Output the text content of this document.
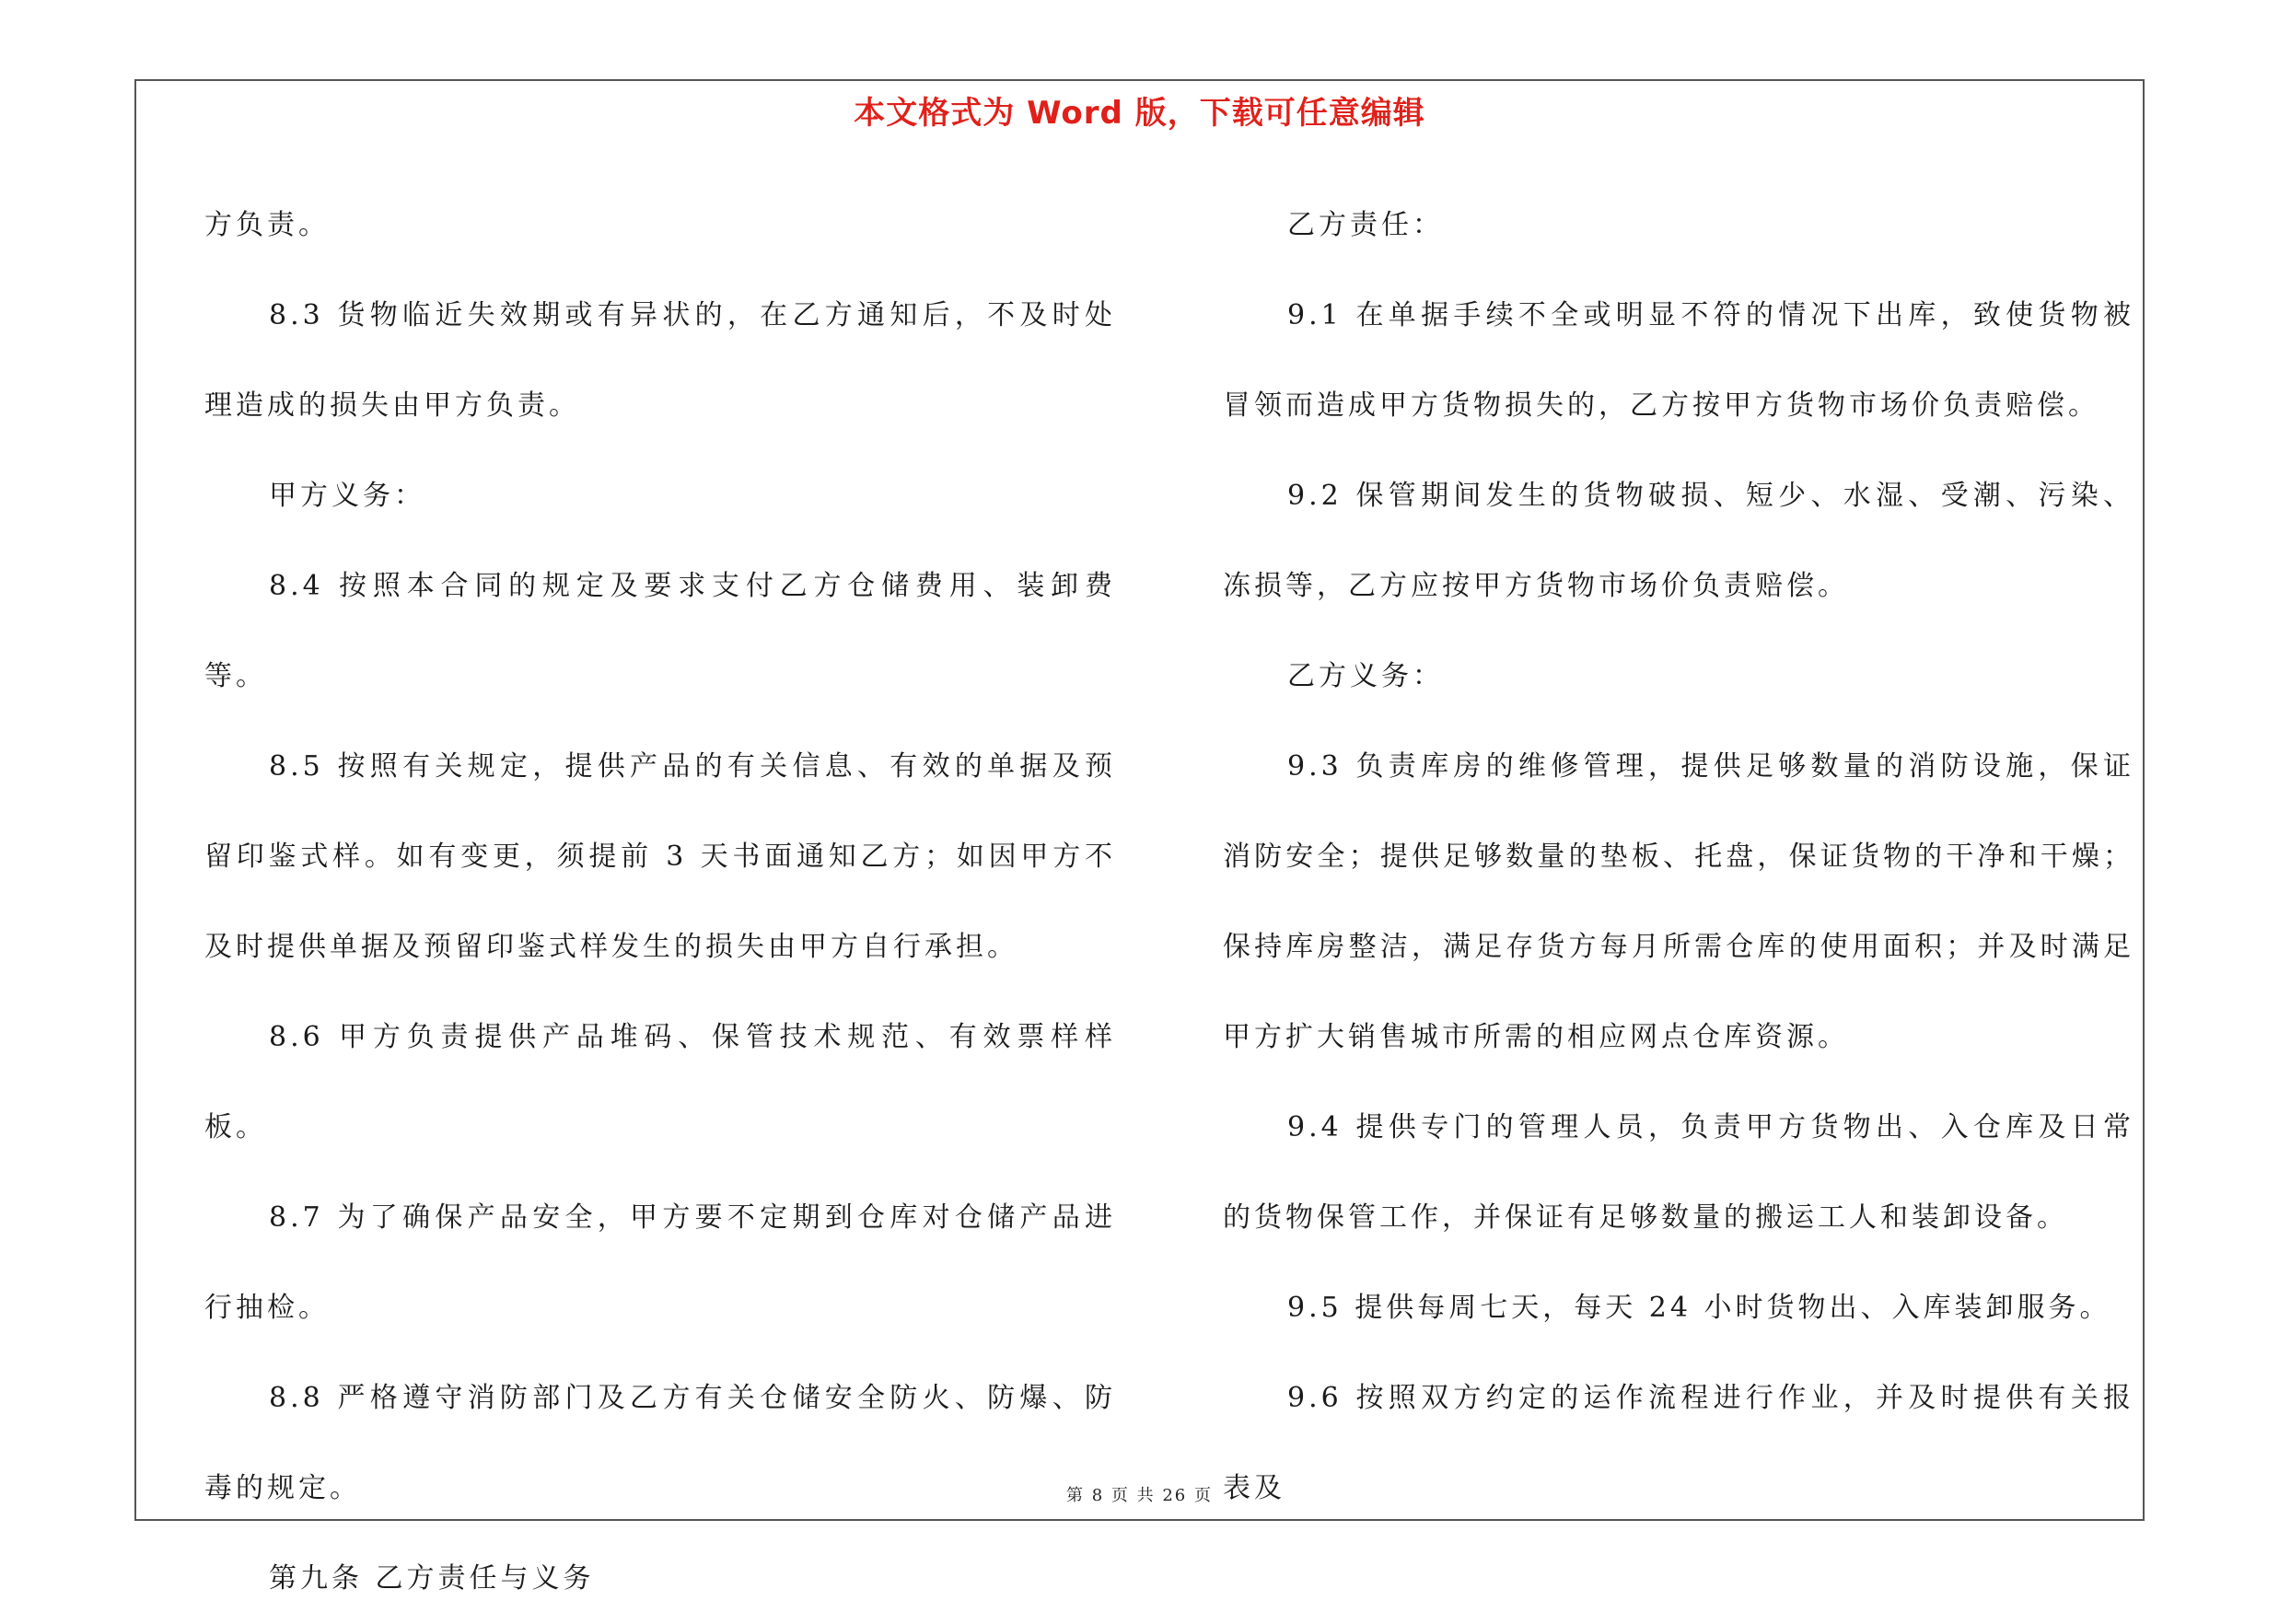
本文格式为 Word 版，下载可任意编辑

方负责。

8.3 货物临近失效期或有异状的，在乙方通知后，不及时处理造成的损失由甲方负责。

甲方义务：

8.4 按照本合同的规定及要求支付乙方仓储费用、装卸费等。

8.5 按照有关规定，提供产品的有关信息、有效的单据及预留印鉴式样。如有变更，须提前 3 天书面通知乙方；如因甲方不及时提供单据及预留印鉴式样发生的损失由甲方自行承担。

8.6 甲方负责提供产品堆码、保管技术规范、有效票样样板。

8.7 为了确保产品安全，甲方要不定期到仓库对仓储产品进行抽检。

8.8 严格遵守消防部门及乙方有关仓储安全防火、防爆、防毒的规定。

第九条 乙方责任与义务

乙方责任：

9.1 在单据手续不全或明显不符的情况下出库，致使货物被冒领而造成甲方货物损失的，乙方按甲方货物市场价负责赔偿。

9.2 保管期间发生的货物破损、短少、水湿、受潮、污染、冻损等，乙方应按甲方货物市场价负责赔偿。

乙方义务：

9.3 负责库房的维修管理，提供足够数量的消防设施，保证消防安全；提供足够数量的垫板、托盘，保证货物的干净和干燥；保持库房整洁，满足存货方每月所需仓库的使用面积；并及时满足甲方扩大销售城市所需的相应网点仓库资源。

9.4 提供专门的管理人员，负责甲方货物出、入仓库及日常的货物保管工作，并保证有足够数量的搬运工人和装卸设备。

9.5 提供每周七天，每天 24 小时货物出、入库装卸服务。

9.6 按照双方约定的运作流程进行作业，并及时提供有关报表及

第 8 页 共 26 页
